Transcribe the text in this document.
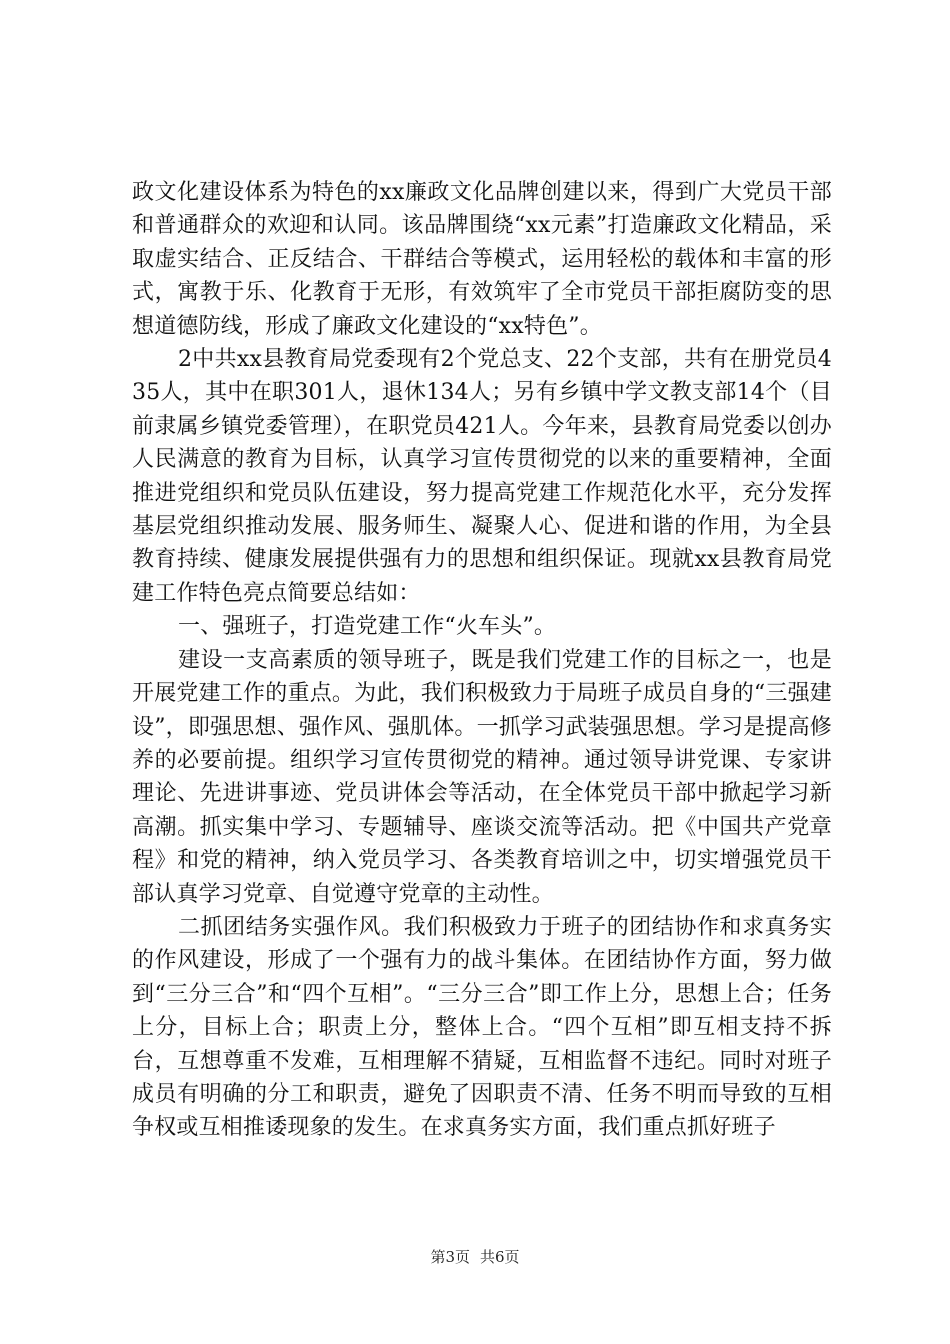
政文化建设体系为特色的xx廉政文化品牌创建以来，得到广大党员干部和普通群众的欢迎和认同。该品牌围绕“xx元素”打造廉政文化精品，采取虚实结合、正反结合、干群结合等模式，运用轻松的载体和丰富的形式，寓教于乐、化教育于无形，有效筑牢了全市党员干部拒腐防变的思想道德防线，形成了廉政文化建设的“xx特色”。

2中共xx县教育局党委现有2个党总支、22个支部，共有在册党员435人，其中在职301人，退休134人；另有乡镇中学文教支部14个（目前隶属乡镇党委管理），在职党员421人。今年来，县教育局党委以创办人民满意的教育为目标，认真学习宣传贯彻党的以来的重要精神，全面推进党组织和党员队伍建设，努力提高党建工作规范化水平，充分发挥基层党组织推动发展、服务师生、凝聚人心、促进和谐的作用，为全县教育持续、健康发展提供强有力的思想和组织保证。现就xx县教育局党建工作特色亮点简要总结如：

一、强班子，打造党建工作“火车头”。

建设一支高素质的领导班子，既是我们党建工作的目标之一，也是开展党建工作的重点。为此，我们积极致力于局班子成员自身的“三强建设”，即强思想、强作风、强肌体。一抓学习武装强思想。学习是提高修养的必要前提。组织学习宣传贯彻党的精神。通过领导讲党课、专家讲理论、先进讲事迹、党员讲体会等活动，在全体党员干部中掀起学习新高潮。抓实集中学习、专题辅导、座谈交流等活动。把《中国共产党章程》和党的精神，纳入党员学习、各类教育培训之中，切实增强党员干部认真学习党章、自觉遵守党章的主动性。

二抓团结务实强作风。我们积极致力于班子的团结协作和求真务实的作风建设，形成了一个强有力的战斗集体。在团结协作方面，努力做到“三分三合”和“四个互相”。“三分三合”即工作上分，思想上合；任务上分，目标上合；职责上分，整体上合。“四个互相”即互相支持不拆台，互想尊重不发难，互相理解不猜疑，互相监督不违纪。同时对班子成员有明确的分工和职责，避免了因职责不清、任务不明而导致的互相争权或互相推诿现象的发生。在求真务实方面，我们重点抓好班子

第3页 共6页
